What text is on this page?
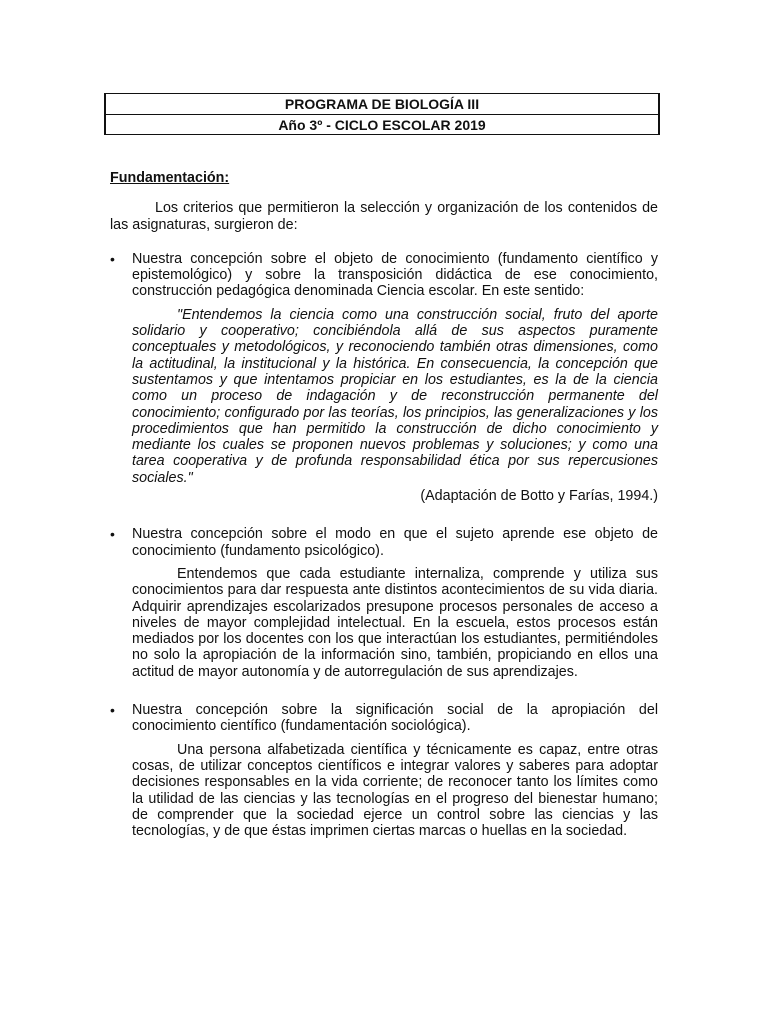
PROGRAMA DE BIOLOGÍA III
Año 3º - CICLO ESCOLAR 2019
Fundamentación:

Los criterios que permitieron la selección y organización de los contenidos de las asignaturas, surgieron de:

• Nuestra concepción sobre el objeto de conocimiento (fundamento científico y epistemológico) y sobre la transposición didáctica de ese conocimiento, construcción pedagógica denominada Ciencia escolar. En este sentido:

"Entendemos la ciencia como una construcción social, fruto del aporte solidario y cooperativo; concibiéndola allá de sus aspectos puramente conceptuales y metodológicos, y reconociendo también otras dimensiones, como la actitudinal, la institucional y la histórica. En consecuencia, la concepción que sustentamos y que intentamos propiciar en los estudiantes, es la de la ciencia como un proceso de indagación y de reconstrucción permanente del conocimiento; configurado por las teorías, los principios, las generalizaciones y los procedimientos que han permitido la construcción de dicho conocimiento y mediante los cuales se proponen nuevos problemas y soluciones; y como una tarea cooperativa y de profunda responsabilidad ética por sus repercusiones sociales."

(Adaptación de Botto y Farías, 1994.)

• Nuestra concepción sobre el modo en que el sujeto aprende ese objeto de conocimiento (fundamento psicológico).

Entendemos que cada estudiante internaliza, comprende y utiliza sus conocimientos para dar respuesta ante distintos acontecimientos de su vida diaria. Adquirir aprendizajes escolarizados presupone procesos personales de acceso a niveles de mayor complejidad intelectual. En la escuela, estos procesos están mediados por los docentes con los que interactúan los estudiantes, permitiéndoles no solo la apropiación de la información sino, también, propiciando en ellos una actitud de mayor autonomía y de autorregulación de sus aprendizajes.

• Nuestra concepción sobre la significación social de la apropiación del conocimiento científico (fundamentación sociológica).

Una persona alfabetizada científica y técnicamente es capaz, entre otras cosas, de utilizar conceptos científicos e integrar valores y saberes para adoptar decisiones responsables en la vida corriente; de reconocer tanto los límites como la utilidad de las ciencias y las tecnologías en el progreso del bienestar humano; de comprender que la sociedad ejerce un control sobre las ciencias y las tecnologías, y de que éstas imprimen ciertas marcas o huellas en la sociedad.
